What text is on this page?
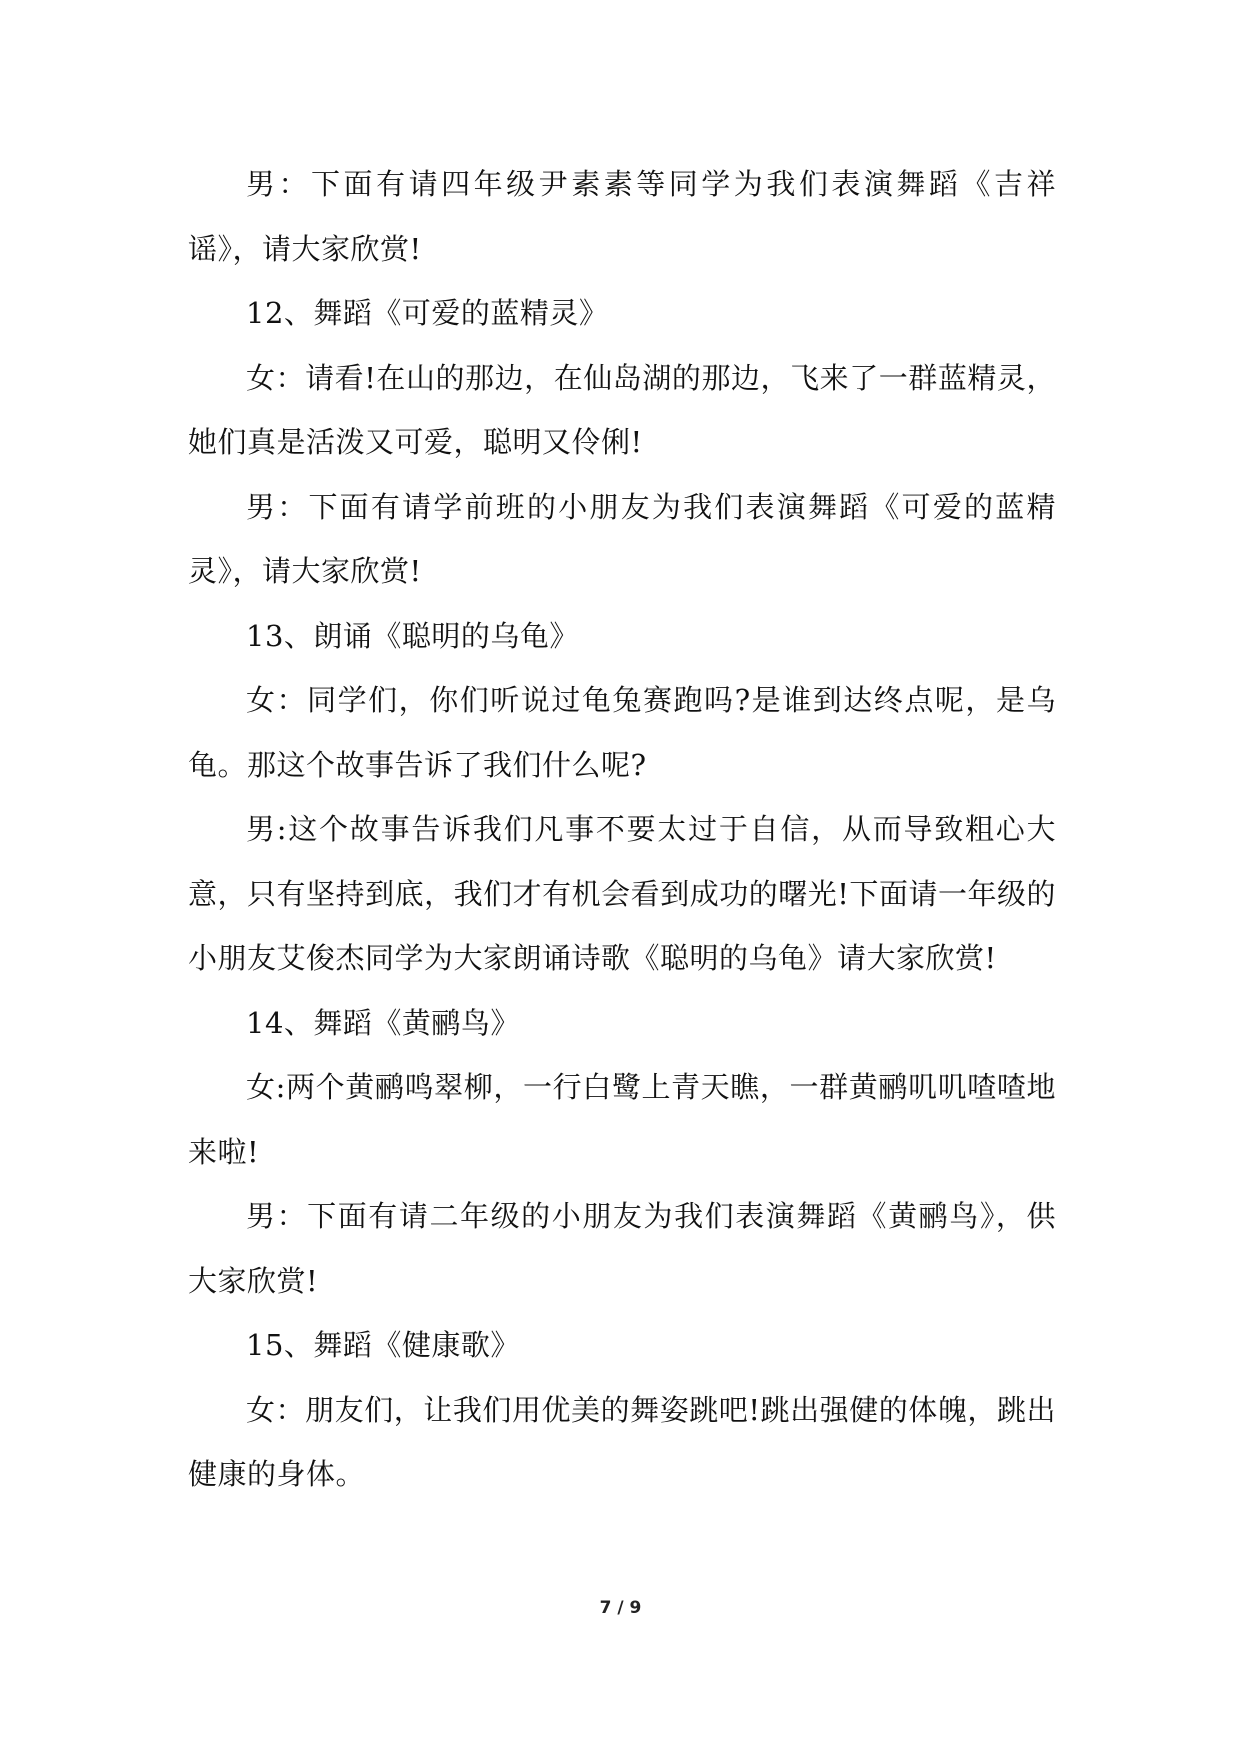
男：下面有请四年级尹素素等同学为我们表演舞蹈《吉祥谣》，请大家欣赏!

12、舞蹈《可爱的蓝精灵》

女：请看!在山的那边，在仙岛湖的那边，飞来了一群蓝精灵，她们真是活泼又可爱，聪明又伶俐!

男：下面有请学前班的小朋友为我们表演舞蹈《可爱的蓝精灵》，请大家欣赏!

13、朗诵《聪明的乌龟》

女：同学们，你们听说过龟兔赛跑吗?是谁到达终点呢，是乌龟。那这个故事告诉了我们什么呢?

男:这个故事告诉我们凡事不要太过于自信，从而导致粗心大意，只有坚持到底，我们才有机会看到成功的曙光!下面请一年级的小朋友艾俊杰同学为大家朗诵诗歌《聪明的乌龟》请大家欣赏!

14、舞蹈《黄鹂鸟》

女:两个黄鹂鸣翠柳，一行白鹭上青天瞧，一群黄鹂叽叽喳喳地来啦!

男：下面有请二年级的小朋友为我们表演舞蹈《黄鹂鸟》，供大家欣赏!

15、舞蹈《健康歌》

女：朋友们，让我们用优美的舞姿跳吧!跳出强健的体魄，跳出健康的身体。

7 / 9
